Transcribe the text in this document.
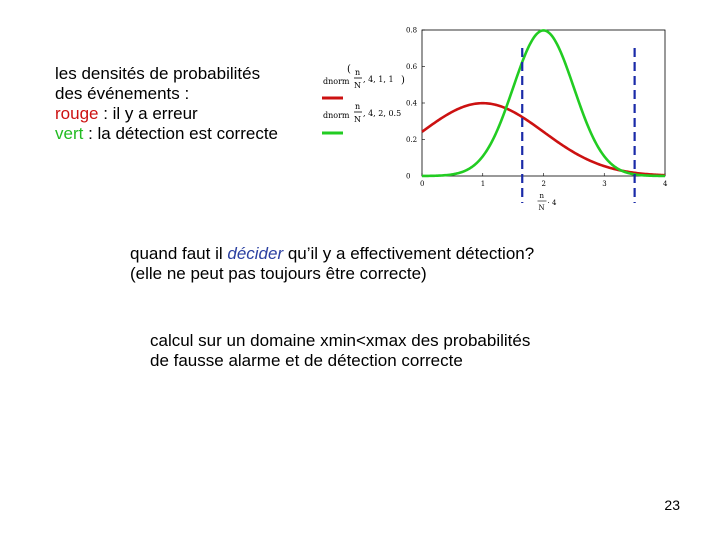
les densités de probabilités
des événements :
rouge : il y a erreur
vert : la détection est correcte
dnorm
( n
N
, 4, 1, 1 )
dnorm
n
N
, 4, 2, 0.5
0
0.2
0.4
0.6
0.8
0	1	2	3	4
n
N
· 4
quand faut il décider qu’il y a effectivement détection?
(elle ne peut pas toujours être correcte)
calcul sur un domaine xmin<xmax des probabilités
de fausse alarme et de détection correcte
23
